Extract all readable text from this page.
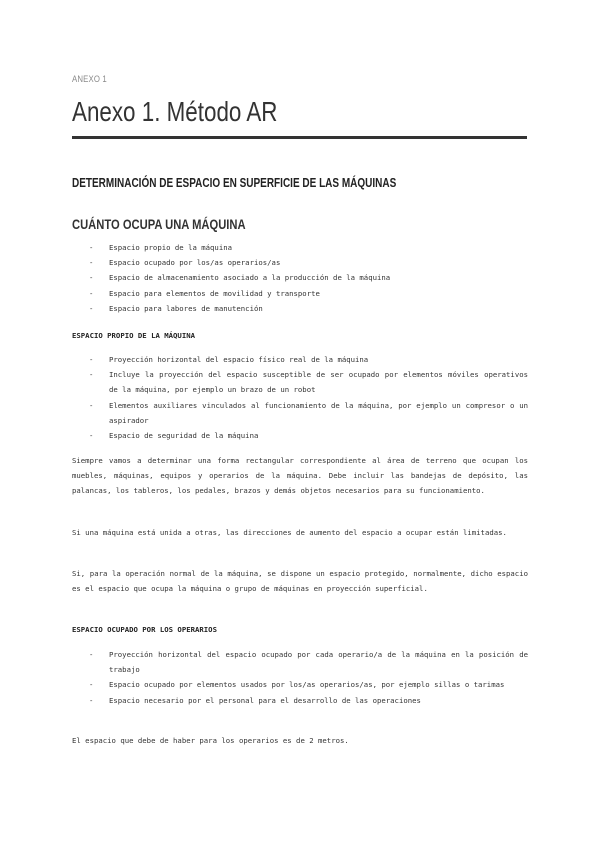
ANEXO 1
Anexo 1. Método AR
DETERMINACIÓN DE ESPACIO EN SUPERFICIE DE LAS MÁQUINAS
CUÁNTO OCUPA UNA MÁQUINA
- Espacio propio de la máquina
- Espacio ocupado por los/as operarios/as
- Espacio de almacenamiento asociado a la producción de la máquina
- Espacio para elementos de movilidad y transporte
- Espacio para labores de manutención
ESPACIO PROPIO DE LA MÁQUINA
- Proyección horizontal del espacio físico real de la máquina
- Incluye la proyección del espacio susceptible de ser ocupado por elementos móviles operativos de la máquina, por ejemplo un brazo de un robot
- Elementos auxiliares vinculados al funcionamiento de la máquina, por ejemplo un compresor o un aspirador
- Espacio de seguridad de la máquina

Siempre vamos a determinar una forma rectangular correspondiente al área de terreno que ocupan los muebles, máquinas, equipos y operarios de la máquina. Debe incluir las bandejas de depósito, las palancas, los tableros, los pedales, brazos y demás objetos necesarios para su funcionamiento.

Si una máquina está unida a otras, las direcciones de aumento del espacio a ocupar están limitadas.

Si, para la operación normal de la máquina, se dispone un espacio protegido, normalmente, dicho espacio es el espacio que ocupa la máquina o grupo de máquinas en proyección superficial.

ESPACIO OCUPADO POR LOS OPERARIOS
- Proyección horizontal del espacio ocupado por cada operario/a de la máquina en la posición de trabajo
- Espacio ocupado por elementos usados por los/as operarios/as, por ejemplo sillas o tarimas
- Espacio necesario por el personal para el desarrollo de las operaciones

El espacio que debe de haber para los operarios es de 2 metros.
